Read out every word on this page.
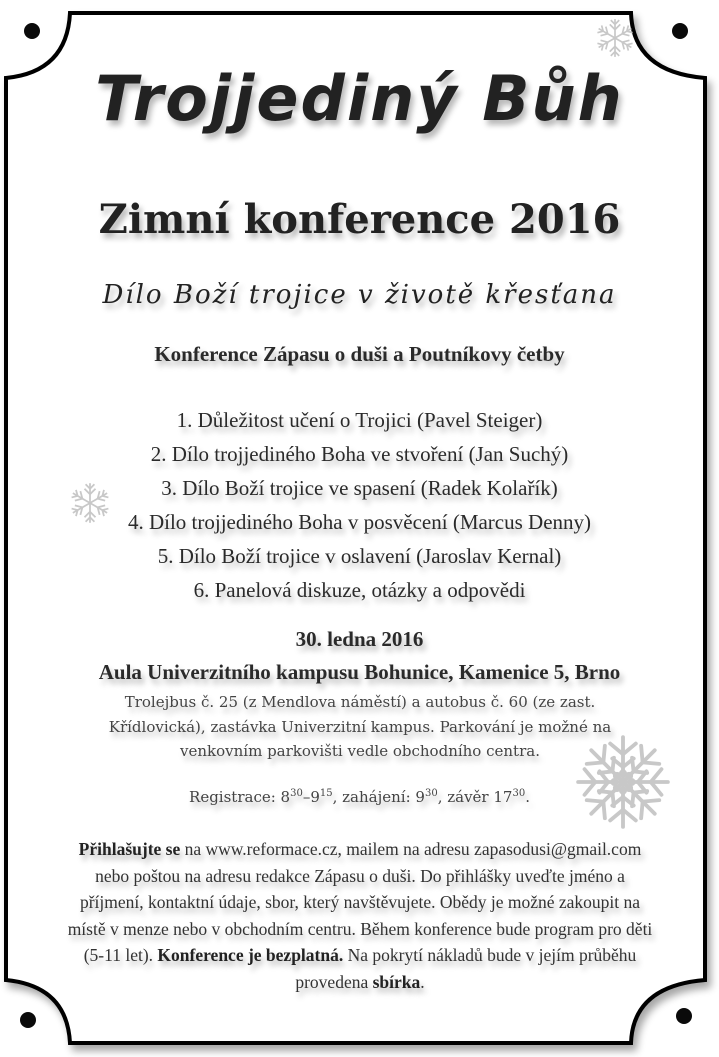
Trojjediný Bůh
Zimní konference 2016
Dílo Boží trojice v životě křesťana
Konference Zápasu o duši a Poutníkovy četby
1. Důležitost učení o Trojici (Pavel Steiger)
2. Dílo trojjediného Boha ve stvoření (Jan Suchý)
3. Dílo Boží trojice ve spasení (Radek Kolařík)
4. Dílo trojjediného Boha v posvěcení (Marcus Denny)
5. Dílo Boží trojice v oslavení (Jaroslav Kernal)
6. Panelová diskuze, otázky a odpovědi
30. ledna 2016
Aula Univerzitního kampusu Bohunice, Kamenice 5, Brno
Trolejbus č. 25 (z Mendlova náměstí) a autobus č. 60 (ze zast. Křídlovická), zastávka Univerzitní kampus. Parkování je možné na venkovním parkovišti vedle obchodního centra.
Registrace: $8^{30}-9^{15}$, zahájení: $9^{30}$, závěr $17^{30}$.
Přihlašujte se na www.reformace.cz, mailem na adresu zapasodusi@gmail.com nebo poštou na adresu redakce Zápasu o duši. Do přihlášky uveďte jméno a příjmení, kontaktní údaje, sbor, který navštěvujete. Obědy je možné zakoupit na místě v menze nebo v obchodním centru. Během konference bude program pro děti (5-11 let). Konference je bezplatná. Na pokrytí nákladů bude v jejím průběhu provedena sbírka.
